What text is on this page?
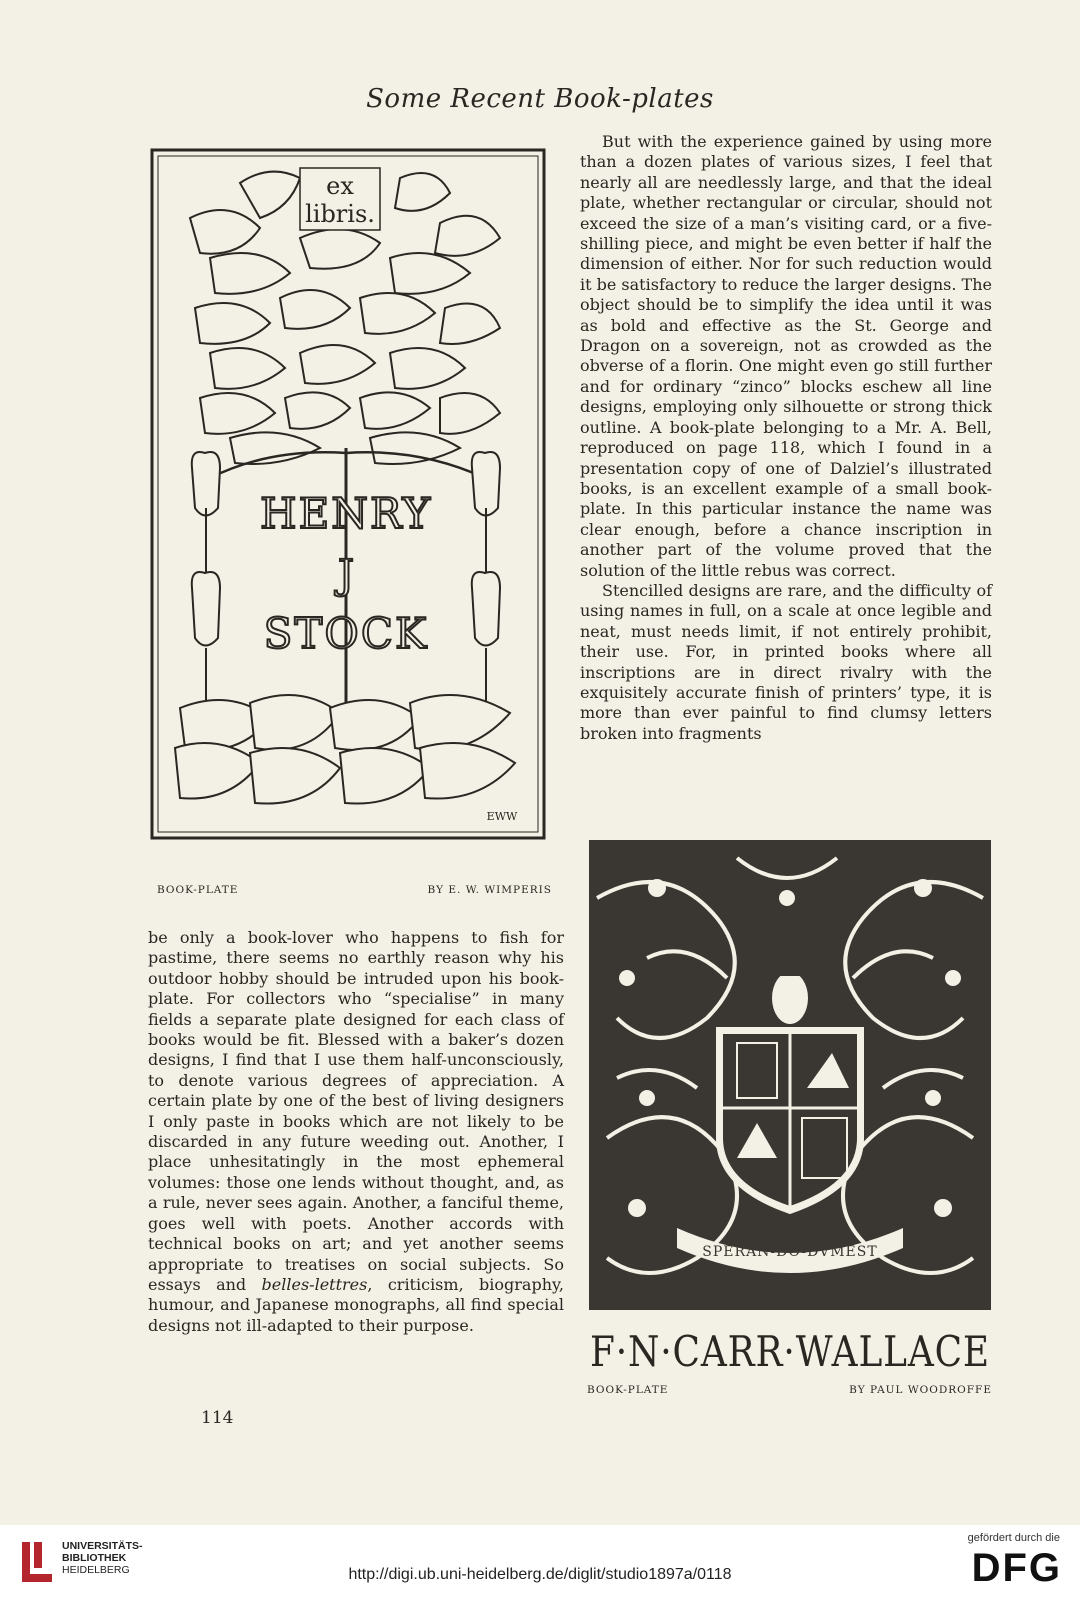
Some Recent Book-plates
ex
libris.
HENRY
J
STOCK
EWW
BOOK-PLATE	BY E. W. WIMPERIS

But with the experience gained by using more than a dozen plates of various sizes, I feel that nearly all are needlessly large, and that the ideal plate, whether rectangular or circular, should not exceed the size of a man’s visiting card, or a five-shilling piece, and might be even better if half the dimension of either. Nor for such reduction would it be satisfactory to reduce the larger designs. The object should be to simplify the idea until it was as bold and effective as the St. George and Dragon on a sovereign, not as crowded as the obverse of a florin. One might even go still further and for ordinary “zinco” blocks eschew all line designs, employing only silhouette or strong thick outline. A book-plate belonging to a Mr. A. Bell, reproduced on page 118, which I found in a presentation copy of one of Dalziel’s illustrated books, is an excellent example of a small book-plate. In this particular instance the name was clear enough, before a chance inscription in another part of the volume proved that the solution of the little rebus was correct.

Stencilled designs are rare, and the difficulty of using names in full, on a scale at once legible and neat, must needs limit, if not entirely prohibit, their use. For, in printed books where all inscriptions are in direct rivalry with the exquisitely accurate finish of printers’ type, it is more than ever painful to find clumsy letters broken into fragments

SPERAN-DO-DVMEST
F·N·CARR·WALLACE
BOOK-PLATE	BY PAUL WOODROFFE

be only a book-lover who happens to fish for pastime, there seems no earthly reason why his outdoor hobby should be intruded upon his book-plate. For collectors who “specialise” in many fields a separate plate designed for each class of books would be fit. Blessed with a baker’s dozen designs, I find that I use them half-unconsciously, to denote various degrees of appreciation. A certain plate by one of the best of living designers I only paste in books which are not likely to be discarded in any future weeding out. Another, I place unhesitatingly in the most ephemeral volumes: those one lends without thought, and, as a rule, never sees again. Another, a fanciful theme, goes well with poets. Another accords with technical books on art; and yet another seems appropriate to treatises on social subjects. So essays and belles-lettres, criticism, biography, humour, and Japanese monographs, all find special designs not ill-adapted to their purpose.

114
UNIVERSITÄTS-
BIBLIOTHEK
HEIDELBERG	http://digi.ub.uni-heidelberg.de/diglit/studio1897a/0118
gefördert durch die
DFG
